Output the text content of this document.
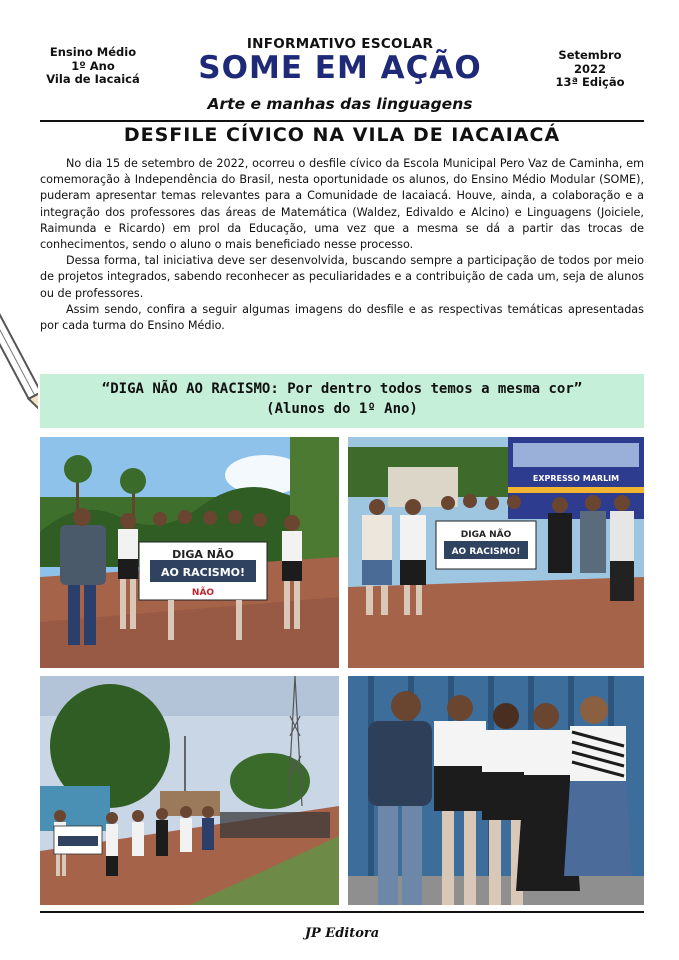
Ensino Médio
1º Ano
Vila de Iacaicá
INFORMATIVO ESCOLAR
SOME EM AÇÃO
Arte e manhas das linguagens
Setembro
2022
13ª Edição
DESFILE CÍVICO NA VILA DE IACAIACÁ

No dia 15 de setembro de 2022, ocorreu o desfile cívico da Escola Municipal Pero Vaz de Caminha, em comemoração à Independência do Brasil, nesta oportunidade os alunos, do Ensino Médio Modular (SOME), puderam apresentar temas relevantes para a Comunidade de Iacaiacá. Houve, ainda, a colaboração e a integração dos professores das áreas de Matemática (Waldez, Edivaldo e Alcino) e Linguagens (Joiciele, Raimunda e Ricardo) em prol da Educação, uma vez que a mesma se dá a partir das trocas de conhecimentos, sendo o aluno o mais beneficiado nesse processo.

Dessa forma, tal iniciativa deve ser desenvolvida, buscando sempre a participação de todos por meio de projetos integrados, sabendo reconhecer as peculiaridades e a contribuição de cada um, seja de alunos ou de professores.

Assim sendo, confira a seguir algumas imagens do desfile e as respectivas temáticas apresentadas por cada turma do Ensino Médio.

“DIGA NÃO AO RACISMO: Por dentro todos temos a mesma cor”
(Alunos do 1º Ano)
DIGA NÃO
AO RACISMO!
NÃO
EXPRESSO MARLIM
DIGA NÃO
AO RACISMO!
JP Editora
